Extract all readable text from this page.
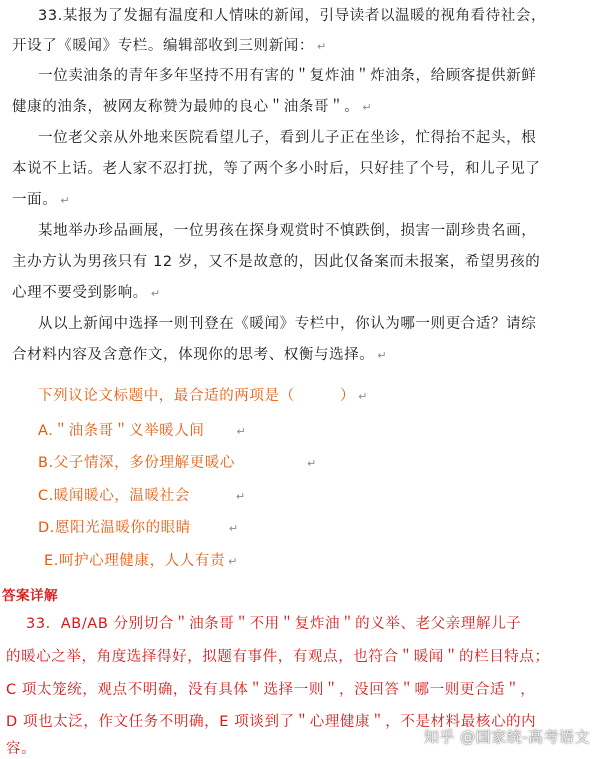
33.某报为了发掘有温度和人情味的新闻，引导读者以温暖的视角看待社会，
开设了《暖闻》专栏。编辑部收到三则新闻： ↵
一位卖油条的青年多年坚持不用有害的＂复炸油＂炸油条，给顾客提供新鲜
健康的油条，被网友称赞为最帅的良心＂油条哥＂。 ↵
一位老父亲从外地来医院看望儿子，看到儿子正在坐诊，忙得抬不起头，根
本说不上话。老人家不忍打扰，等了两个多小时后，只好挂了个号，和儿子见了
一面。 ↵
某地举办珍品画展，一位男孩在探身观赏时不慎跌倒，损害一副珍贵名画，
主办方认为男孩只有 12 岁，又不是故意的，因此仅备案而未报案，希望男孩的
心理不要受到影响。 ↵
从以上新闻中选择一则刊登在《暖闻》专栏中，你认为哪一则更合适？请综
合材料内容及含意作文，体现你的思考、权衡与选择。 ↵
下列议论文标题中，最合适的两项是（　　　） ↵
A.＂油条哥＂义举暖人间	↵
B.父子情深，多份理解更暖心	↵
C.暖闻暖心，温暖社会	↵
D.愿阳光温暖你的眼睛	↵
E.呵护心理健康，人人有责 ↵
答案详解
33．AB/AB 分别切合＂油条哥＂不用＂复炸油＂的义举、老父亲理解儿子
的暖心之举，角度选择得好，拟题有事件，有观点，也符合＂暖闻＂的栏目特点；
C 项太笼统，观点不明确，没有具体＂选择一则＂，没回答＂哪一则更合适＂，
D 项也太泛，作文任务不明确，E 项谈到了＂心理健康＂，不是材料最核心的内
容。
知乎 @国家统-高考语文
